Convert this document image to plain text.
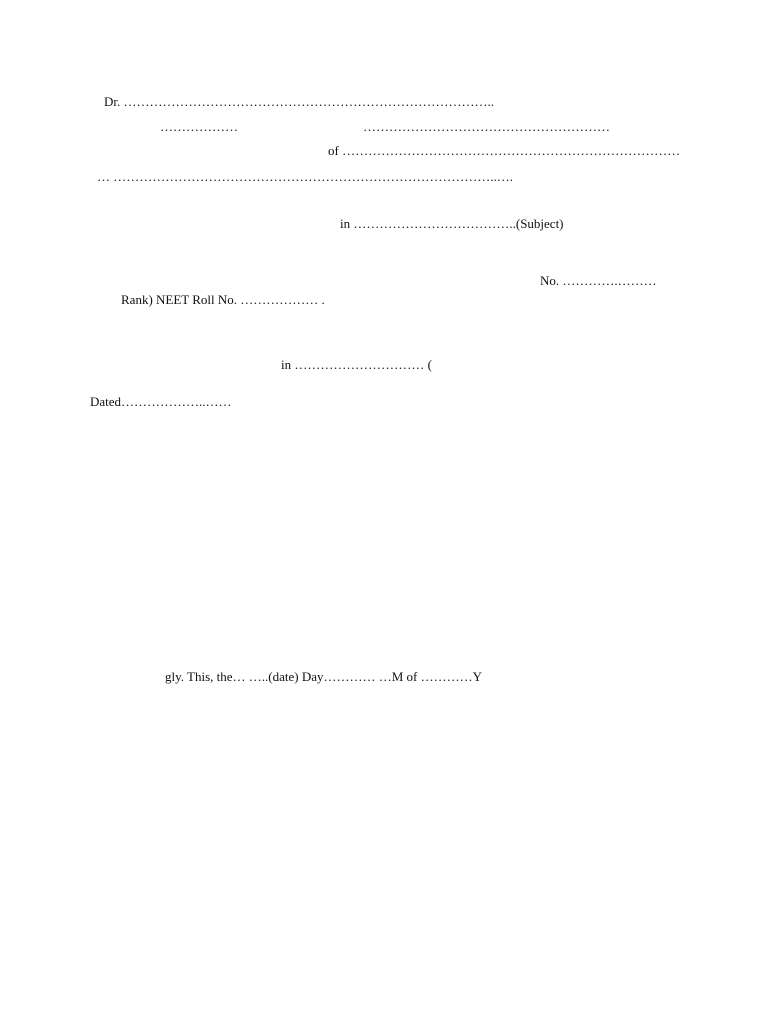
Dr. …………………………………………………………………………..
………………	…………………………………………………
of ……………………………………………………………………
… ……………………………………………………………………………..….
in ………………………………..(Subject)
No. ………….………
Rank) NEET Roll No. ……………… .
in ………………………… (
Dated………………..……
gly. This, the… …..(date) Day………… …M of …………Y
